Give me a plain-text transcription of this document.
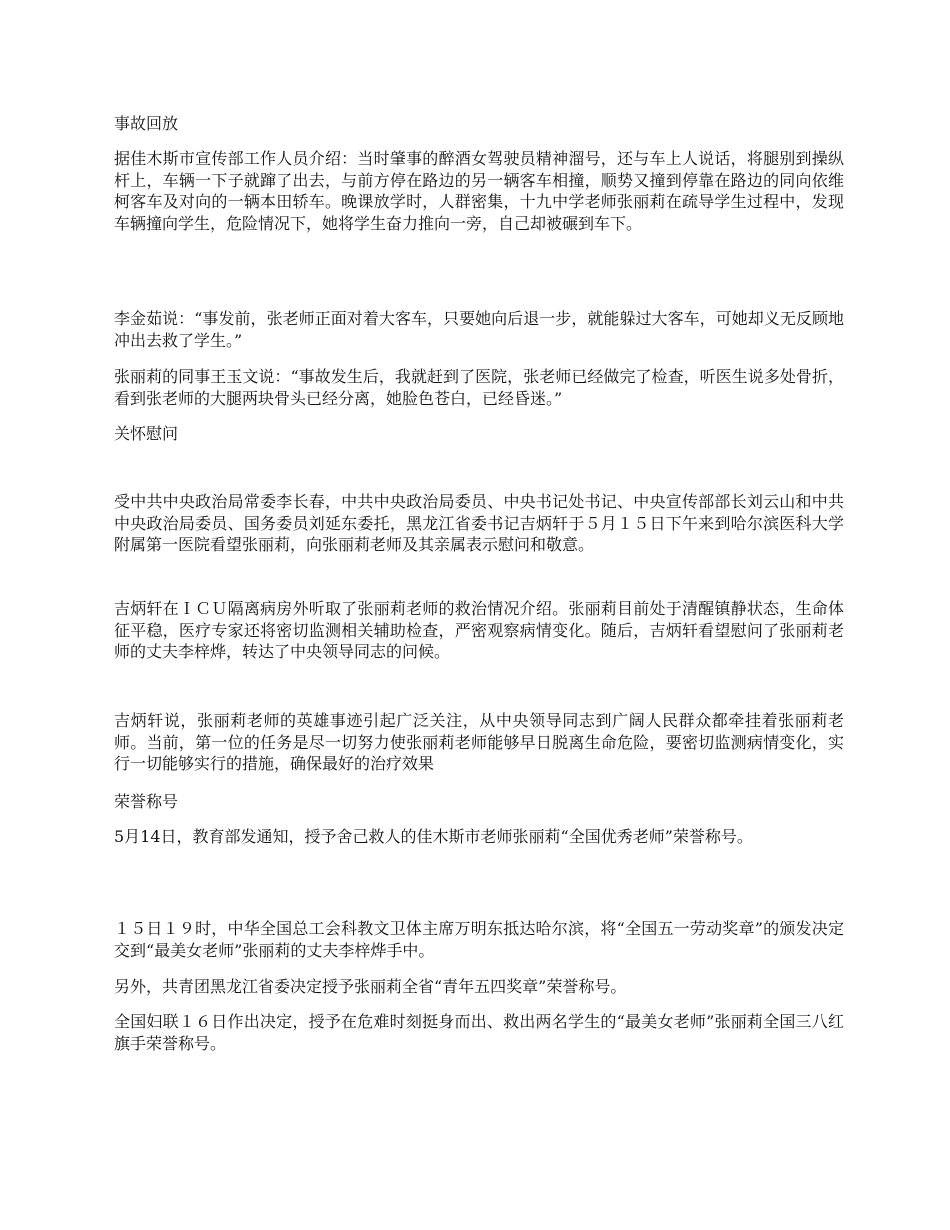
事故回放

据佳木斯市宣传部工作人员介绍：当时肇事的醉酒女驾驶员精神溜号，还与车上人说话，将腿别到操纵杆上，车辆一下子就蹿了出去，与前方停在路边的另一辆客车相撞，顺势又撞到停靠在路边的同向依维柯客车及对向的一辆本田轿车。晚课放学时，人群密集，十九中学老师张丽莉在疏导学生过程中，发现车辆撞向学生，危险情况下，她将学生奋力推向一旁，自己却被碾到车下。

李金茹说：“事发前，张老师正面对着大客车，只要她向后退一步，就能躲过大客车，可她却义无反顾地冲出去救了学生。”

张丽莉的同事王玉文说：“事故发生后，我就赶到了医院，张老师已经做完了检查，听医生说多处骨折，看到张老师的大腿两块骨头已经分离，她脸色苍白，已经昏迷。”

关怀慰问

受中共中央政治局常委李长春，中共中央政治局委员、中央书记处书记、中央宣传部部长刘云山和中共中央政治局委员、国务委员刘延东委托，黑龙江省委书记吉炳轩于５月１５日下午来到哈尔滨医科大学附属第一医院看望张丽莉，向张丽莉老师及其亲属表示慰问和敬意。

吉炳轩在ＩＣＵ隔离病房外听取了张丽莉老师的救治情况介绍。张丽莉目前处于清醒镇静状态，生命体征平稳，医疗专家还将密切监测相关辅助检查，严密观察病情变化。随后，吉炳轩看望慰问了张丽莉老师的丈夫李梓烨，转达了中央领导同志的问候。

吉炳轩说，张丽莉老师的英雄事迹引起广泛关注，从中央领导同志到广阔人民群众都牵挂着张丽莉老师。当前，第一位的任务是尽一切努力使张丽莉老师能够早日脱离生命危险，要密切监测病情变化，实行一切能够实行的措施，确保最好的治疗效果

荣誉称号

5月14日，教育部发通知，授予舍己救人的佳木斯市老师张丽莉“全国优秀老师”荣誉称号。

１５日１９时，中华全国总工会科教文卫体主席万明东抵达哈尔滨，将“全国五一劳动奖章”的颁发决定交到“最美女老师”张丽莉的丈夫李梓烨手中。

另外，共青团黑龙江省委决定授予张丽莉全省“青年五四奖章”荣誉称号。

全国妇联１６日作出决定，授予在危难时刻挺身而出、救出两名学生的“最美女老师”张丽莉全国三八红旗手荣誉称号。
